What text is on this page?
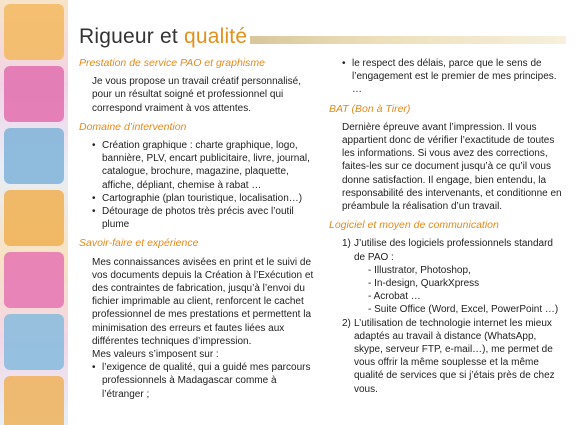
Rigueur et qualité
Prestation de service PAO et graphisme
Je vous propose un travail créatif personnalisé, pour un résultat soigné et professionnel qui correspond vraiment à vos attentes.
Domaine d’intervention
• Création graphique : charte graphique, logo, bannière, PLV, encart publicitaire, livre, journal, catalogue, brochure, magazine, plaquette, affiche, dépliant, chemise à rabat …
• Cartographie (plan touristique, localisation…)
• Détourage de photos très précis avec l’outil plume
Savoir-faire et expérience
Mes connaissances avisées en print et le suivi de vos documents depuis la Création à l’Exécution et des contraintes de fabrication, jusqu’à l’envoi du fichier imprimable au client, renforcent le cachet professionnel de mes prestations et permettent la minimisation des erreurs et fautes liées aux différentes techniques d’impression.
Mes valeurs s’imposent sur :
• l’exigence de qualité, qui a guidé mes parcours professionnels à Madagascar comme à l’étranger ;
• le respect des délais, parce que le sens de l’engagement est le premier de mes principes. …
BAT (Bon à Tirer)
Dernière épreuve avant l’impression. Il vous appartient donc de vérifier l’exactitude de toutes les informations. Si vous avez des corrections, faites-les sur ce document jusqu’à ce qu’il vous donne satisfaction. Il engage, bien entendu, la responsabilité des intervenants, et conditionne en préambule la réalisation d’un travail.
Logiciel et moyen de communication
1) J’utilise des logiciels professionnels standard de PAO :
- Illustrator, Photoshop,
- In-design, QuarkXpress
- Acrobat …
- Suite Office (Word, Excel, PowerPoint …)
2) L’utilisation de technologie internet les mieux adaptés au travail à distance (WhatsApp, skype, serveur FTP, e-mail…), me permet de vous offrir la même souplesse et la même qualité de services que si j’étais près de chez vous.
